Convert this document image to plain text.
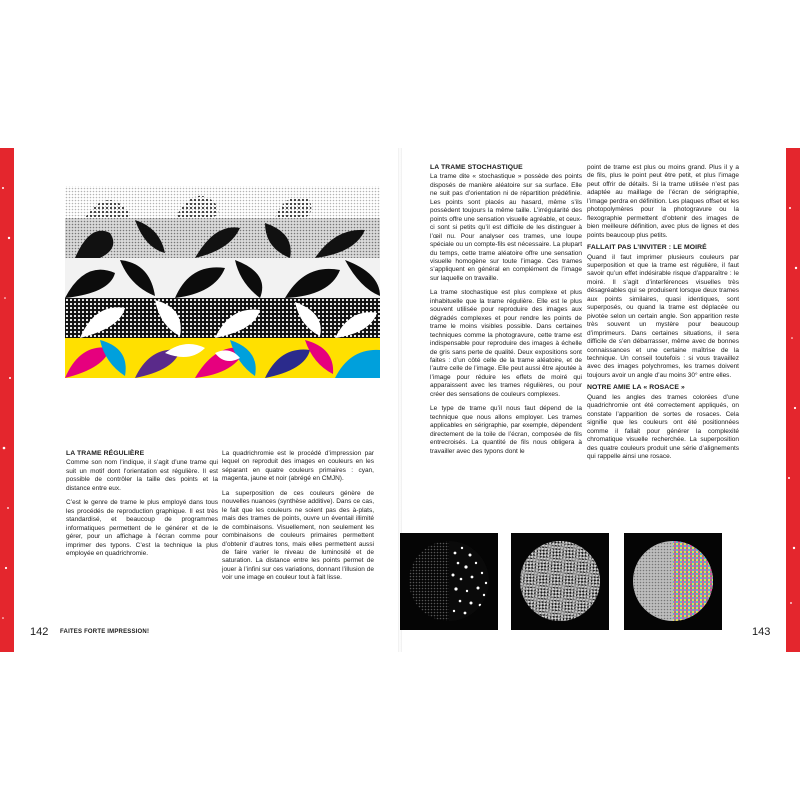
LA TRAME RÉGULIÈRE

Comme son nom l’indique, il s’agit d’une trame qui suit un motif dont l’orientation est régulière. Il est possible de contrôler la taille des points et la distance entre eux.

C’est le genre de trame le plus employé dans tous les procédés de reproduction graphique. Il est très standardisé, et beaucoup de programmes informatiques permettent de le générer et de le gérer, pour un affichage à l’écran comme pour imprimer des typons. C’est la technique la plus employée en quadrichromie.

La quadrichromie est le procédé d’impression par lequel on reproduit des images en couleurs en les séparant en quatre couleurs primaires : cyan, magenta, jaune et noir (abrégé en CMJN).

La superposition de ces couleurs génère de nouvelles nuances (synthèse additive). Dans ce cas, le fait que les couleurs ne soient pas des à-plats, mais des trames de points, ouvre un éventail illimité de combinaisons. Visuellement, non seulement les combinaisons de couleurs primaires permettent d’obtenir d’autres tons, mais elles permettent aussi de faire varier le niveau de luminosité et de saturation. La distance entre les points permet de jouer à l’infini sur ces variations, donnant l’illusion de voir une image en couleur tout à fait lisse.

142 FAITES FORTE IMPRESSION!
LA TRAME STOCHASTIQUE

La trame dite « stochastique » possède des points disposés de manière aléatoire sur sa surface. Elle ne suit pas d’orientation ni de répartition prédéfinie. Les points sont placés au hasard, même s’ils possèdent toujours la même taille. L’irrégularité des points offre une sensation visuelle agréable, et ceux-ci sont si petits qu’il est difficile de les distinguer à l’œil nu. Pour analyser ces trames, une loupe spéciale ou un compte-fils est nécessaire. La plupart du temps, cette trame aléatoire offre une sensation visuelle homogène sur toute l’image. Ces trames s’appliquent en général en complément de l’image sur laquelle on travaille.

La trame stochastique est plus complexe et plus inhabituelle que la trame régulière. Elle est le plus souvent utilisée pour reproduire des images aux dégradés complexes et pour rendre les points de trame le moins visibles possible. Dans certaines techniques comme la photogravure, cette trame est indispensable pour reproduire des images à échelle de gris sans perte de qualité. Deux expositions sont faites : d’un côté celle de la trame aléatoire, et de l’autre celle de l’image. Elle peut aussi être ajoutée à l’image pour réduire les effets de moiré qui apparaissent avec les trames régulières, ou pour créer des sensations de couleurs complexes.

Le type de trame qu’il nous faut dépend de la technique que nous allons employer. Les trames applicables en sérigraphie, par exemple, dépendent directement de la toile de l’écran, composée de fils entrecroisés. La quantité de fils nous obligera à travailler avec des typons dont le

point de trame est plus ou moins grand. Plus il y a de fils, plus le point peut être petit, et plus l’image peut offrir de détails. Si la trame utilisée n’est pas adaptée au maillage de l’écran de sérigraphie, l’image perdra en définition. Les plaques offset et les photopolymères pour la photogravure ou la flexographie permettent d’obtenir des images de bien meilleure définition, avec plus de lignes et des points beaucoup plus petits.

FALLAIT PAS L’INVITER : LE MOIRÉ

Quand il faut imprimer plusieurs couleurs par superposition et que la trame est régulière, il faut savoir qu’un effet indésirable risque d’apparaître : le moiré. Il s’agit d’interférences visuelles très désagréables qui se produisent lorsque deux trames aux points similaires, quasi identiques, sont superposés, ou quand la trame est déplacée ou pivotée selon un certain angle. Son apparition reste très souvent un mystère pour beaucoup d’imprimeurs. Dans certaines situations, il sera difficile de s’en débarrasser, même avec de bonnes connaissances et une certaine maîtrise de la technique. Un conseil toutefois : si vous travaillez avec des images polychromes, les trames doivent toujours avoir un angle d’au moins 30° entre elles.

NOTRE AMIE LA « ROSACE »

Quand les angles des trames colorées d’une quadrichromie ont été correctement appliqués, on constate l’apparition de sortes de rosaces. Cela signifie que les couleurs ont été positionnées comme il fallait pour générer la complexité chromatique visuelle recherchée. La superposition des quatre couleurs produit une série d’alignements qui rappelle ainsi une rosace.

143
